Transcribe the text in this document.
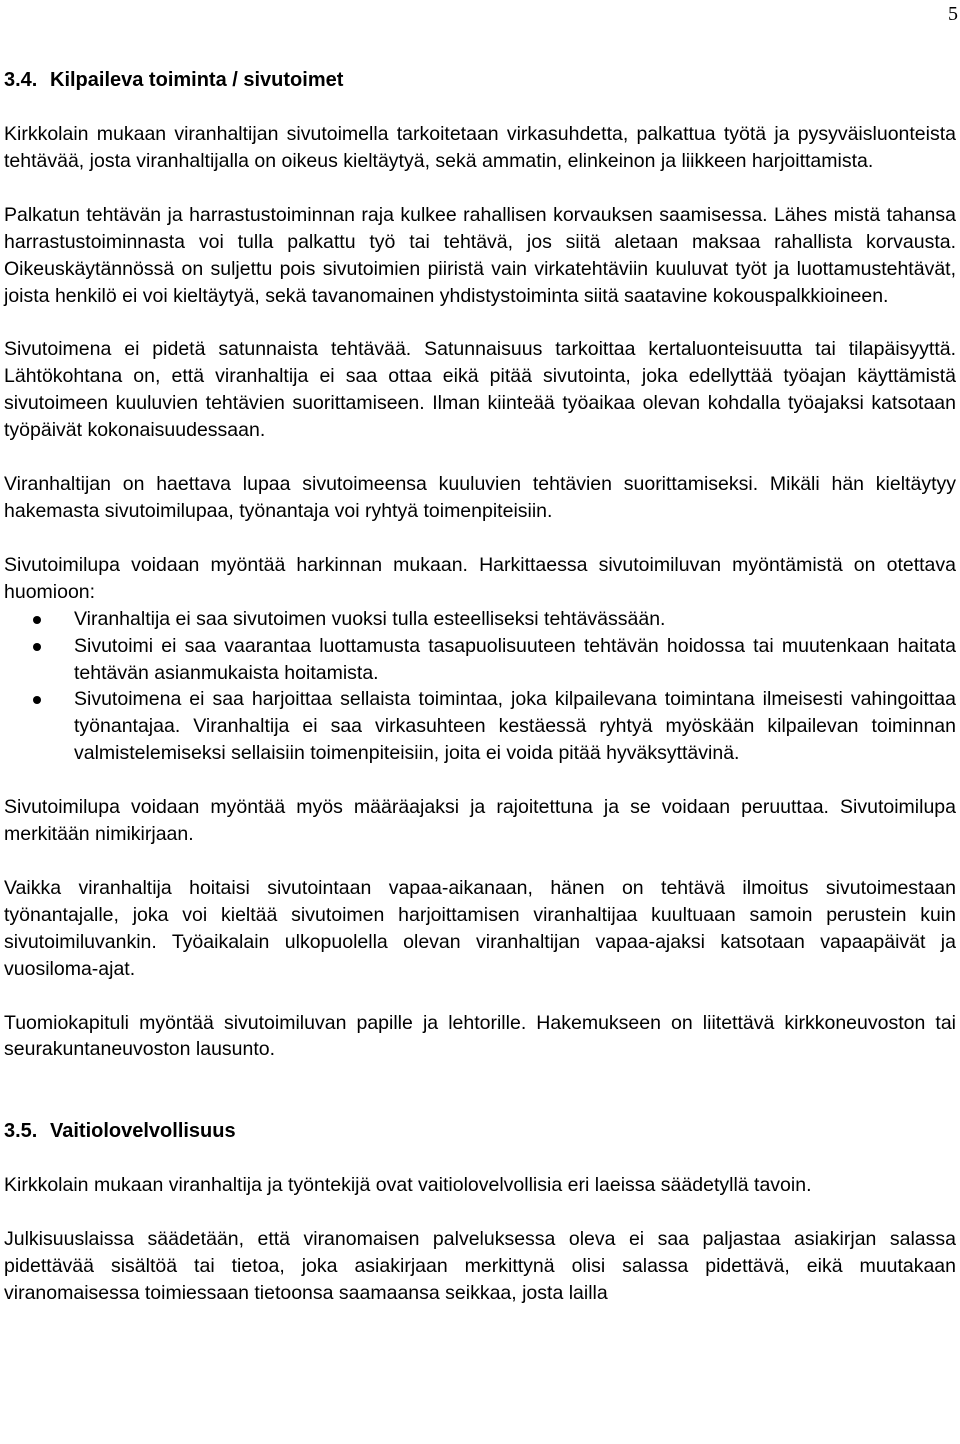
5
3.4. Kilpaileva toiminta / sivutoimet

Kirkkolain mukaan viranhaltijan sivutoimella tarkoitetaan virkasuhdetta, palkattua työtä ja pysyväisluonteista tehtävää, josta viranhaltijalla on oikeus kieltäytyä, sekä ammatin, elinkeinon ja liikkeen harjoittamista.

Palkatun tehtävän ja harrastustoiminnan raja kulkee rahallisen korvauksen saamisessa. Lähes mistä tahansa harrastustoiminnasta voi tulla palkattu työ tai tehtävä, jos siitä aletaan maksaa rahallista korvausta. Oikeuskäytännössä on suljettu pois sivutoimien piiristä vain virkatehtäviin kuuluvat työt ja luottamustehtävät, joista henkilö ei voi kieltäytyä, sekä tavanomainen yhdistystoiminta siitä saatavine kokouspalkkioineen.

Sivutoimena ei pidetä satunnaista tehtävää. Satunnaisuus tarkoittaa kertaluonteisuutta tai tilapäisyyttä. Lähtökohtana on, että viranhaltija ei saa ottaa eikä pitää sivutointa, joka edellyttää työajan käyttämistä sivutoimeen kuuluvien tehtävien suorittamiseen. Ilman kiinteää työaikaa olevan kohdalla työajaksi katsotaan työpäivät kokonaisuudessaan.

Viranhaltijan on haettava lupaa sivutoimeensa kuuluvien tehtävien suorittamiseksi. Mikäli hän kieltäytyy hakemasta sivutoimilupaa, työnantaja voi ryhtyä toimenpiteisiin.

Sivutoimilupa voidaan myöntää harkinnan mukaan. Harkittaessa sivutoimiluvan myöntämistä on otettava huomioon:

Viranhaltija ei saa sivutoimen vuoksi tulla esteelliseksi tehtävässään.
Sivutoimi ei saa vaarantaa luottamusta tasapuolisuuteen tehtävän hoidossa tai muutenkaan haitata tehtävän asianmukaista hoitamista.
Sivutoimena ei saa harjoittaa sellaista toimintaa, joka kilpailevana toimintana ilmeisesti vahingoittaa työnantajaa. Viranhaltija ei saa virkasuhteen kestäessä ryhtyä myöskään kilpailevan toiminnan valmistelemiseksi sellaisiin toimenpiteisiin, joita ei voida pitää hyväksyttävinä.

Sivutoimilupa voidaan myöntää myös määräajaksi ja rajoitettuna ja se voidaan peruuttaa. Sivutoimilupa merkitään nimikirjaan.

Vaikka viranhaltija hoitaisi sivutointaan vapaa-aikanaan, hänen on tehtävä ilmoitus sivutoimestaan työnantajalle, joka voi kieltää sivutoimen harjoittamisen viranhaltijaa kuultuaan samoin perustein kuin sivutoimiluvankin. Työaikalain ulkopuolella olevan viranhaltijan vapaa-ajaksi katsotaan vapaapäivät ja vuosiloma-ajat.

Tuomiokapituli myöntää sivutoimiluvan papille ja lehtorille. Hakemukseen on liitettävä kirkkoneuvoston tai seurakuntaneuvoston lausunto.

3.5. Vaitiolovelvollisuus

Kirkkolain mukaan viranhaltija ja työntekijä ovat vaitiolovelvollisia eri laeissa säädetyllä tavoin.

Julkisuuslaissa säädetään, että viranomaisen palveluksessa oleva ei saa paljastaa asiakirjan salassa pidettävää sisältöä tai tietoa, joka asiakirjaan merkittynä olisi salassa pidettävä, eikä muutakaan viranomaisessa toimiessaan tietoonsa saamaansa seikkaa, josta lailla
